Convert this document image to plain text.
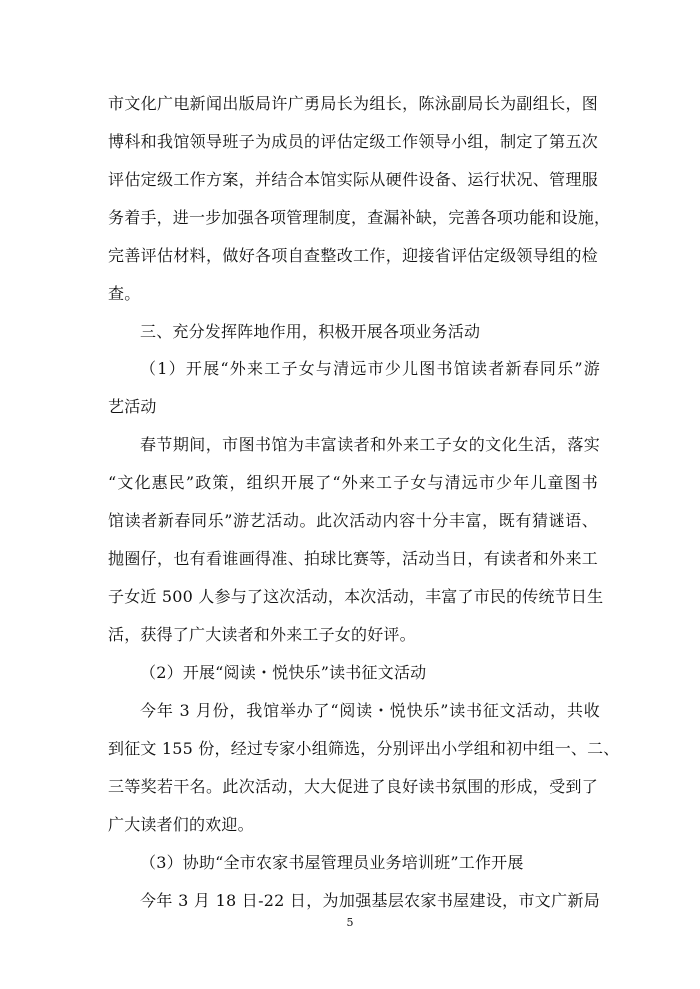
市文化广电新闻出版局许广勇局长为组长，陈泳副局长为副组长，图
博科和我馆领导班子为成员的评估定级工作领导小组，制定了第五次
评估定级工作方案，并结合本馆实际从硬件设备、运行状况、管理服
务着手，进一步加强各项管理制度，查漏补缺，完善各项功能和设施，
完善评估材料，做好各项自查整改工作，迎接省评估定级领导组的检
查。
三、充分发挥阵地作用，积极开展各项业务活动
（1）开展“外来工子女与清远市少儿图书馆读者新春同乐”游
艺活动
春节期间，市图书馆为丰富读者和外来工子女的文化生活，落实
“文化惠民”政策，组织开展了“外来工子女与清远市少年儿童图书
馆读者新春同乐”游艺活动。此次活动内容十分丰富，既有猜谜语、
抛圈仔，也有看谁画得准、拍球比赛等，活动当日，有读者和外来工
子女近 500 人参与了这次活动，本次活动，丰富了市民的传统节日生
活，获得了广大读者和外来工子女的好评。
（2）开展“阅读・悦快乐”读书征文活动
今年 3 月份，我馆举办了“阅读・悦快乐”读书征文活动，共收
到征文 155 份，经过专家小组筛选，分别评出小学组和初中组一、二、
三等奖若干名。此次活动，大大促进了良好读书氛围的形成，受到了
广大读者们的欢迎。
（3）协助“全市农家书屋管理员业务培训班”工作开展
今年 3 月 18 日-22 日，为加强基层农家书屋建设，市文广新局
5
